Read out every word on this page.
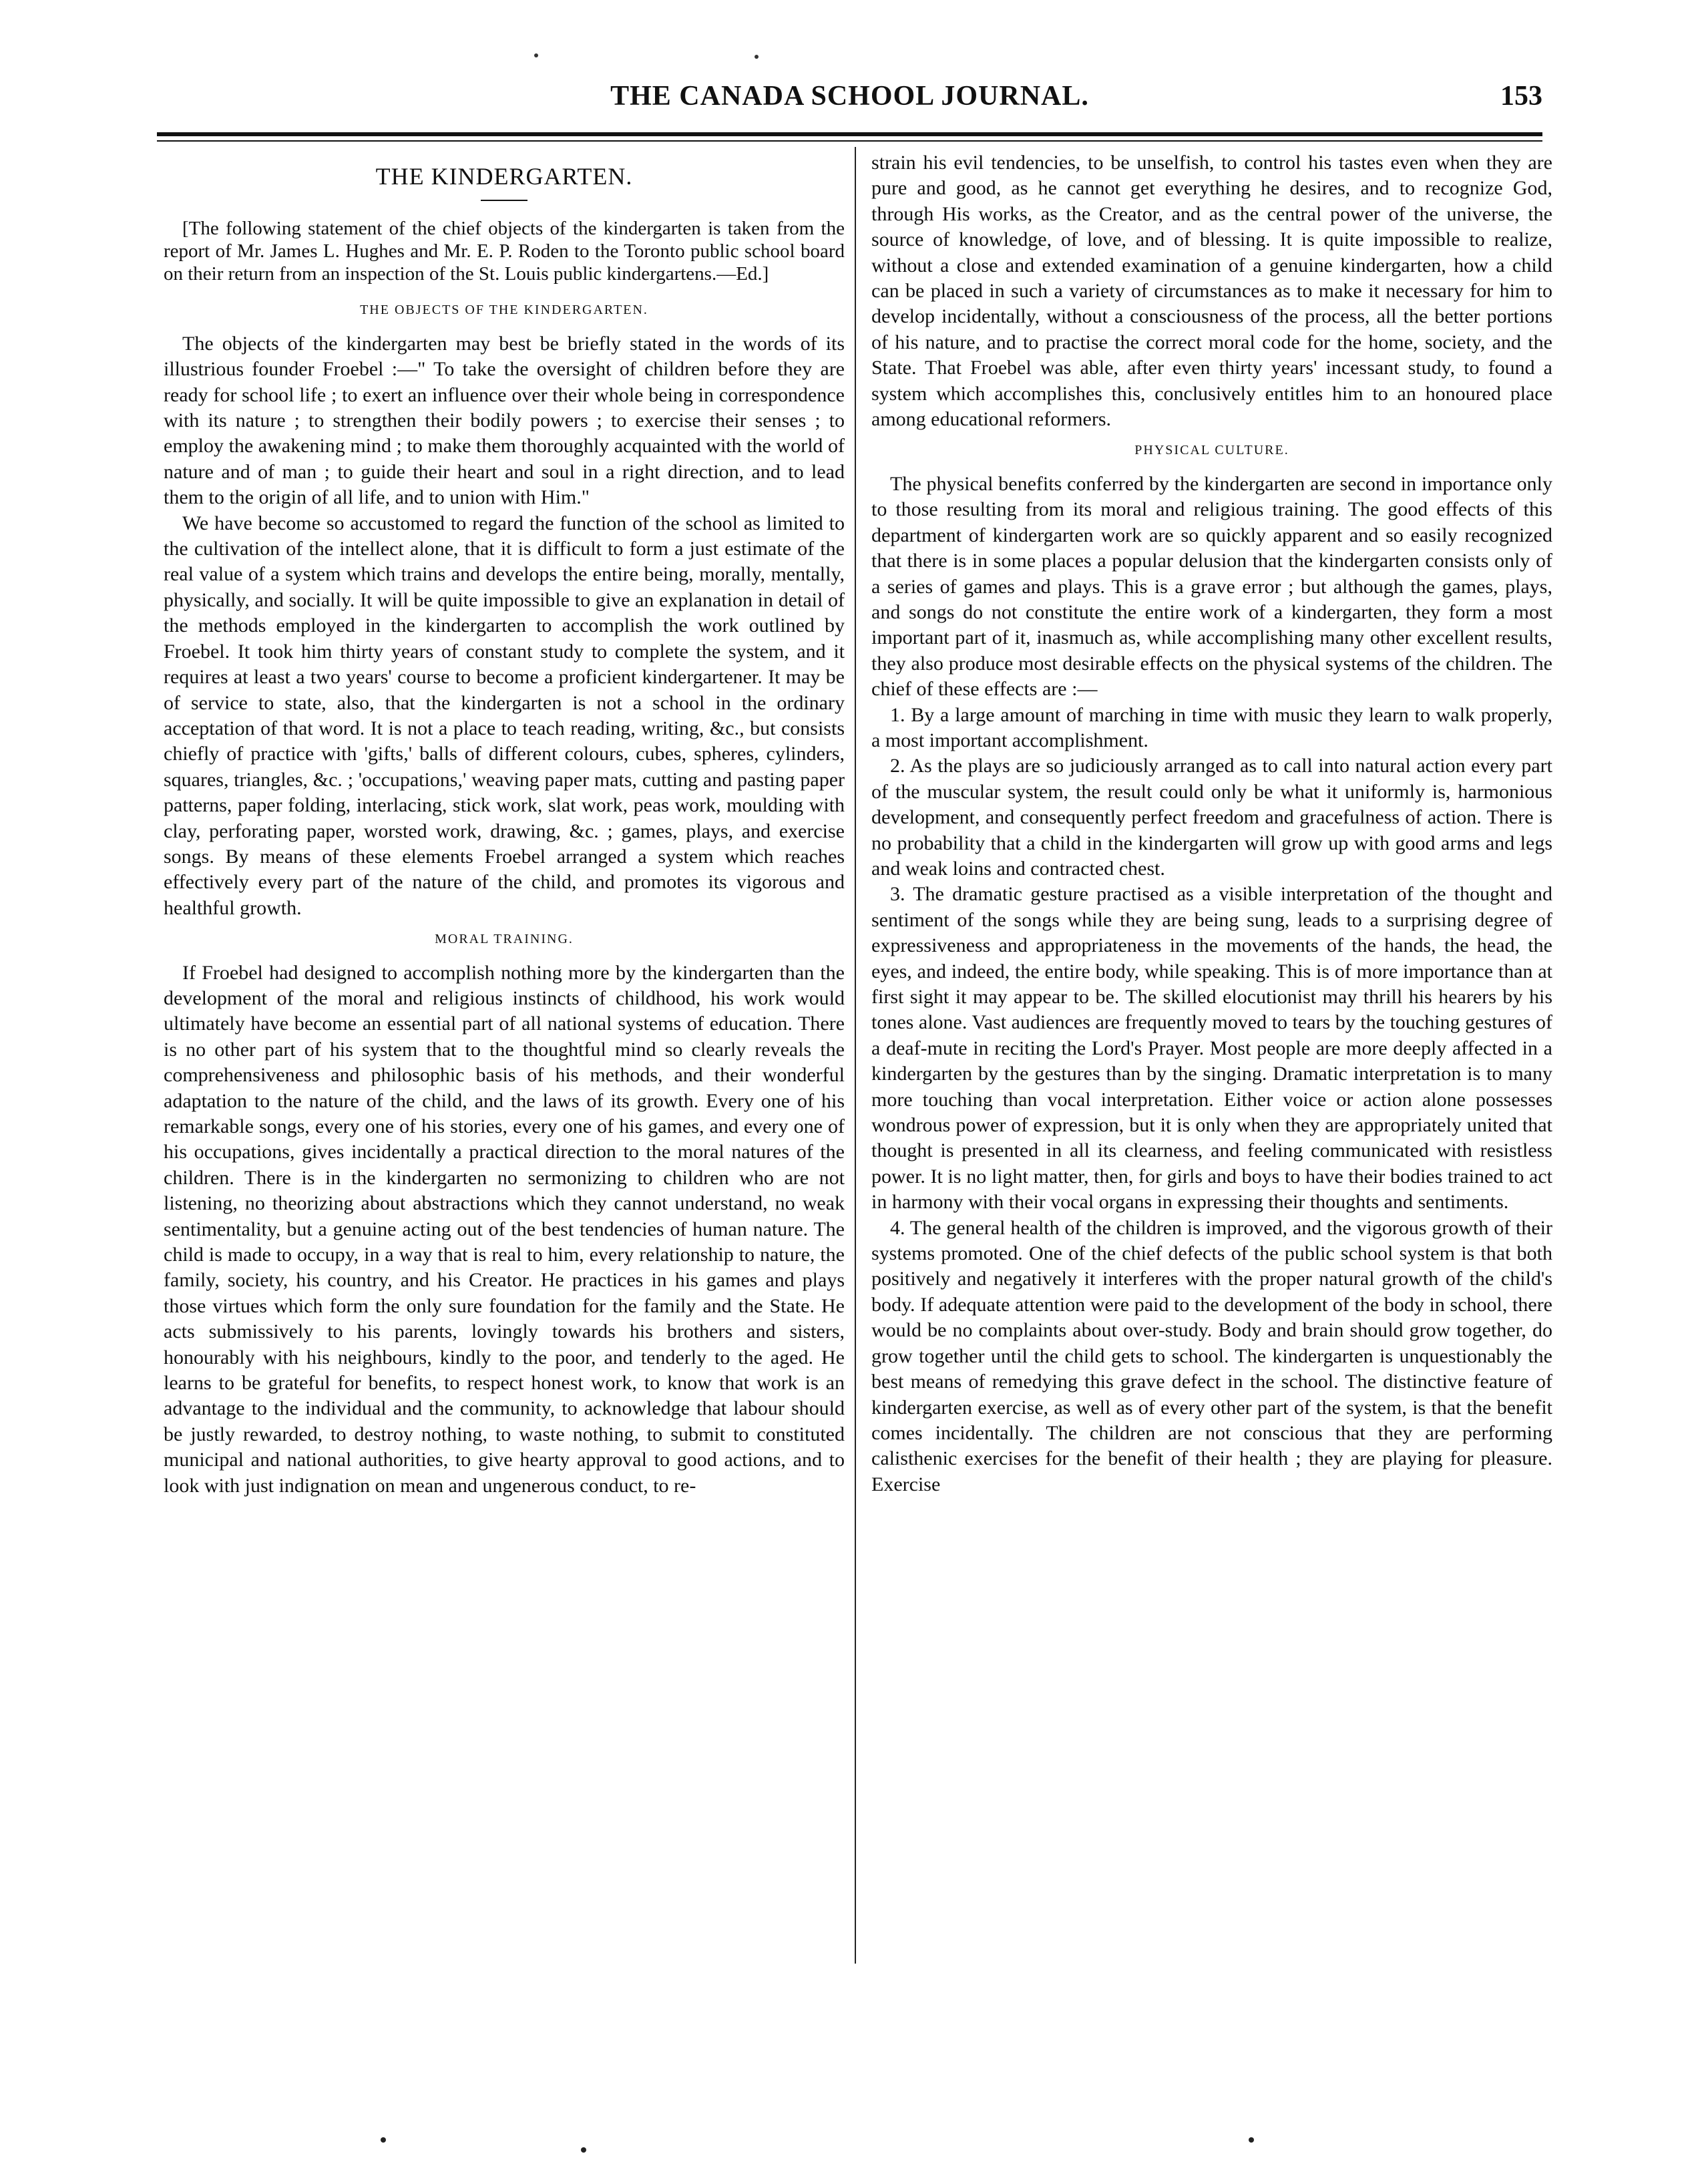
THE CANADA SCHOOL JOURNAL.	153
THE KINDERGARTEN.

[The following statement of the chief objects of the kindergarten is taken from the report of Mr. James L. Hughes and Mr. E. P. Roden to the Toronto public school board on their return from an inspection of the St. Louis public kindergartens.—Ed.]

THE OBJECTS OF THE KINDERGARTEN.

The objects of the kindergarten may best be briefly stated in the words of its illustrious founder Froebel :—" To take the oversight of children before they are ready for school life ; to exert an influence over their whole being in correspondence with its nature ; to strengthen their bodily powers ; to exercise their senses ; to employ the awakening mind ; to make them thoroughly acquainted with the world of nature and of man ; to guide their heart and soul in a right direction, and to lead them to the origin of all life, and to union with Him."

We have become so accustomed to regard the function of the school as limited to the cultivation of the intellect alone, that it is difficult to form a just estimate of the real value of a system which trains and develops the entire being, morally, mentally, physically, and socially. It will be quite impossible to give an explanation in detail of the methods employed in the kindergarten to accomplish the work outlined by Froebel. It took him thirty years of constant study to complete the system, and it requires at least a two years' course to become a proficient kindergartener. It may be of service to state, also, that the kindergarten is not a school in the ordinary acceptation of that word. It is not a place to teach reading, writing, &c., but consists chiefly of practice with 'gifts,' balls of different colours, cubes, spheres, cylinders, squares, triangles, &c. ; 'occupations,' weaving paper mats, cutting and pasting paper patterns, paper folding, interlacing, stick work, slat work, peas work, moulding with clay, perforating paper, worsted work, drawing, &c. ; games, plays, and exercise songs. By means of these elements Froebel arranged a system which reaches effectively every part of the nature of the child, and promotes its vigorous and healthful growth.

MORAL TRAINING.

If Froebel had designed to accomplish nothing more by the kindergarten than the development of the moral and religious instincts of childhood, his work would ultimately have become an essential part of all national systems of education. There is no other part of his system that to the thoughtful mind so clearly reveals the comprehensiveness and philosophic basis of his methods, and their wonderful adaptation to the nature of the child, and the laws of its growth. Every one of his remarkable songs, every one of his stories, every one of his games, and every one of his occupations, gives incidentally a practical direction to the moral natures of the children. There is in the kindergarten no sermonizing to children who are not listening, no theorizing about abstractions which they cannot understand, no weak sentimentality, but a genuine acting out of the best tendencies of human nature. The child is made to occupy, in a way that is real to him, every relationship to nature, the family, society, his country, and his Creator. He practices in his games and plays those virtues which form the only sure foundation for the family and the State. He acts submissively to his parents, lovingly towards his brothers and sisters, honourably with his neighbours, kindly to the poor, and tenderly to the aged. He learns to be grateful for benefits, to respect honest work, to know that work is an advantage to the individual and the community, to acknowledge that labour should be justly rewarded, to destroy nothing, to waste nothing, to submit to constituted municipal and national authorities, to give hearty approval to good actions, and to look with just indignation on mean and ungenerous conduct, to re-

strain his evil tendencies, to be unselfish, to control his tastes even when they are pure and good, as he cannot get everything he desires, and to recognize God, through His works, as the Creator, and as the central power of the universe, the source of knowledge, of love, and of blessing. It is quite impossible to realize, without a close and extended examination of a genuine kindergarten, how a child can be placed in such a variety of circumstances as to make it necessary for him to develop incidentally, without a consciousness of the process, all the better portions of his nature, and to practise the correct moral code for the home, society, and the State. That Froebel was able, after even thirty years' incessant study, to found a system which accomplishes this, conclusively entitles him to an honoured place among educational reformers.

PHYSICAL CULTURE.

The physical benefits conferred by the kindergarten are second in importance only to those resulting from its moral and religious training. The good effects of this department of kindergarten work are so quickly apparent and so easily recognized that there is in some places a popular delusion that the kindergarten consists only of a series of games and plays. This is a grave error ; but although the games, plays, and songs do not constitute the entire work of a kindergarten, they form a most important part of it, inasmuch as, while accomplishing many other excellent results, they also produce most desirable effects on the physical systems of the children. The chief of these effects are :—

1. By a large amount of marching in time with music they learn to walk properly, a most important accomplishment.

2. As the plays are so judiciously arranged as to call into natural action every part of the muscular system, the result could only be what it uniformly is, harmonious development, and consequently perfect freedom and gracefulness of action. There is no probability that a child in the kindergarten will grow up with good arms and legs and weak loins and contracted chest.

3. The dramatic gesture practised as a visible interpretation of the thought and sentiment of the songs while they are being sung, leads to a surprising degree of expressiveness and appropriateness in the movements of the hands, the head, the eyes, and indeed, the entire body, while speaking. This is of more importance than at first sight it may appear to be. The skilled elocutionist may thrill his hearers by his tones alone. Vast audiences are frequently moved to tears by the touching gestures of a deaf-mute in reciting the Lord's Prayer. Most people are more deeply affected in a kindergarten by the gestures than by the singing. Dramatic interpretation is to many more touching than vocal interpretation. Either voice or action alone possesses wondrous power of expression, but it is only when they are appropriately united that thought is presented in all its clearness, and feeling communicated with resistless power. It is no light matter, then, for girls and boys to have their bodies trained to act in harmony with their vocal organs in expressing their thoughts and sentiments.

4. The general health of the children is improved, and the vigorous growth of their systems promoted. One of the chief defects of the public school system is that both positively and negatively it interferes with the proper natural growth of the child's body. If adequate attention were paid to the development of the body in school, there would be no complaints about over-study. Body and brain should grow together, do grow together until the child gets to school. The kindergarten is unquestionably the best means of remedying this grave defect in the school. The distinctive feature of kindergarten exercise, as well as of every other part of the system, is that the benefit comes incidentally. The children are not conscious that they are performing calisthenic exercises for the benefit of their health ; they are playing for pleasure. Exercise
